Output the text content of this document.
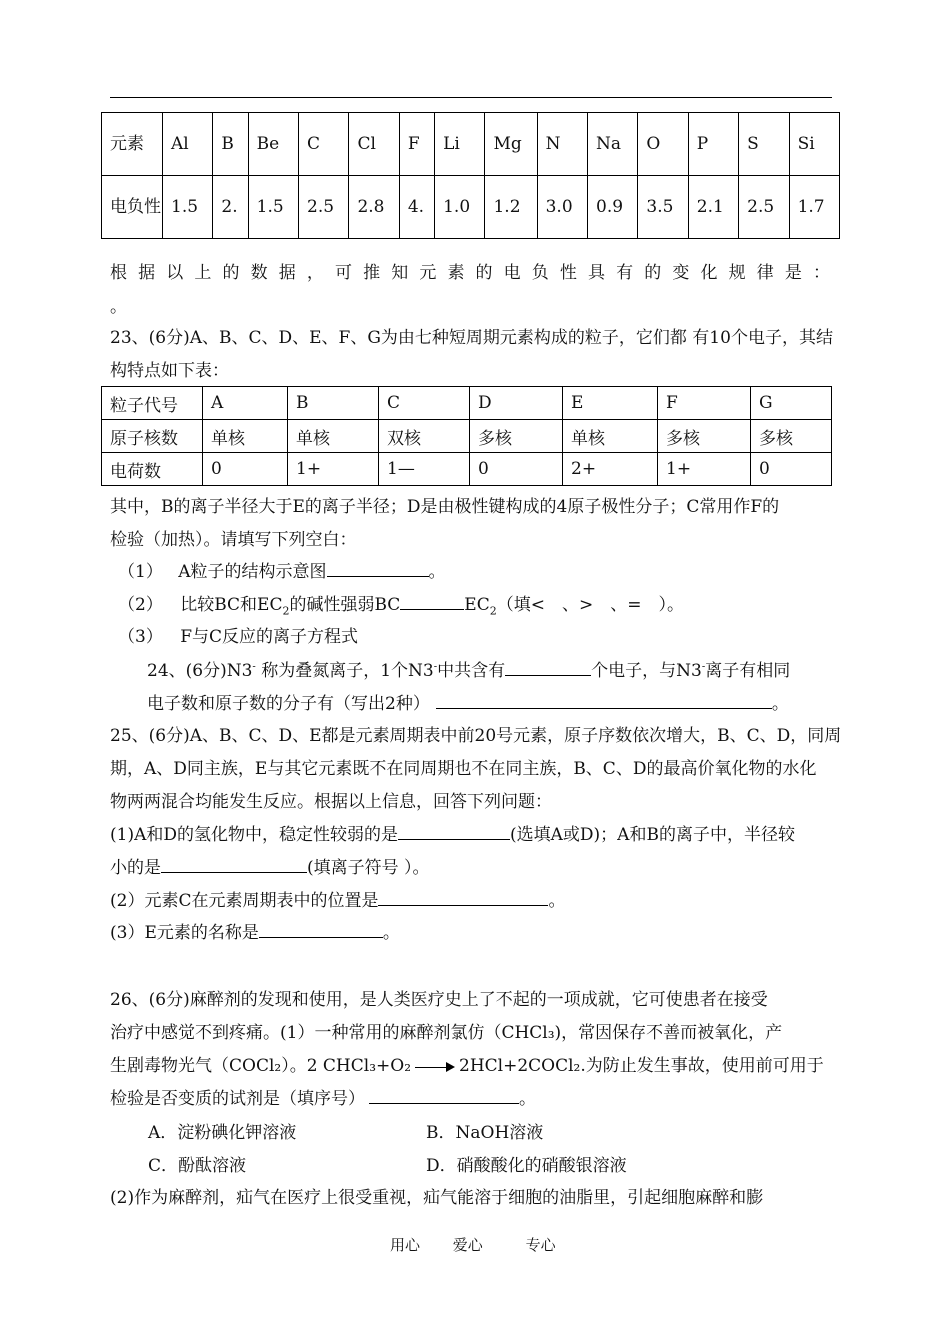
元素	Al	B	Be	C	Cl	F	Li	Mg	N	Na	O	P	S	Si
电负性	1.5	2.	1.5	2.5	2.8	4.	1.0	1.2	3.0	0.9	3.5	2.1	2.5	1.7
根据以上的数据，可推知元素的电负性具有的变化规律是：
。
23、(6分)A、B、C、D、E、F、G为由七种短周期元素构成的粒子，它们都 有10个电子，其结
构特点如下表：
粒子代号	A	B	C	D	E	F	G
原子核数	单核	单核	双核	多核	单核	多核	多核
电荷数	0	1+	1—	0	2+	1+	0
其中，B的离子半径大于E的离子半径；D是由极性键构成的4原子极性分子；C常用作F的
检验（加热）。请填写下列空白：
（1） A粒子的结构示意图	。
（2） 比较BC和$EC_2$的碱性强弱BC	$EC_2$（填<　、>　、=　）。
（3） F与C反应的离子方程式
24、(6分)N3- 称为叠氮离子，1个N3-中共含有	个电子，与N3-离子有相同
电子数和原子数的分子有（写出2种）	。
25、(6分)A、B、C、D、E都是元素周期表中前20号元素，原子序数依次增大，B、C、D，同周
期，A、D同主族，E与其它元素既不在同周期也不在同主族，B、C、D的最高价氧化物的水化
物两两混合均能发生反应。根据以上信息，回答下列问题：
(1)A和D的氢化物中，稳定性较弱的是	(选填A或D)；A和B的离子中，半径较
小的是	(填离子符号 ）。
(2）元素C在元素周期表中的位置是	。
(3）E元素的名称是	。
26、(6分)麻醉剂的发现和使用，是人类医疗史上了不起的一项成就，它可使患者在接受
治疗中感觉不到疼痛。(1）一种常用的麻醉剂氯仿（CHCl₃)，常因保存不善而被氧化，产
生剧毒物光气（COCl₂）。2 CHCl₃+O₂	2HCl+2COCl₂.为防止发生事故，使用前可用于
检验是否变质的试剂是（填序号）	。
A．淀粉碘化钾溶液	B．NaOH溶液
C．酚酞溶液	D．硝酸酸化的硝酸银溶液
(2)作为麻醉剂，疝气在医疗上很受重视，疝气能溶于细胞的油脂里，引起细胞麻醉和膨
用心 爱心	专心
